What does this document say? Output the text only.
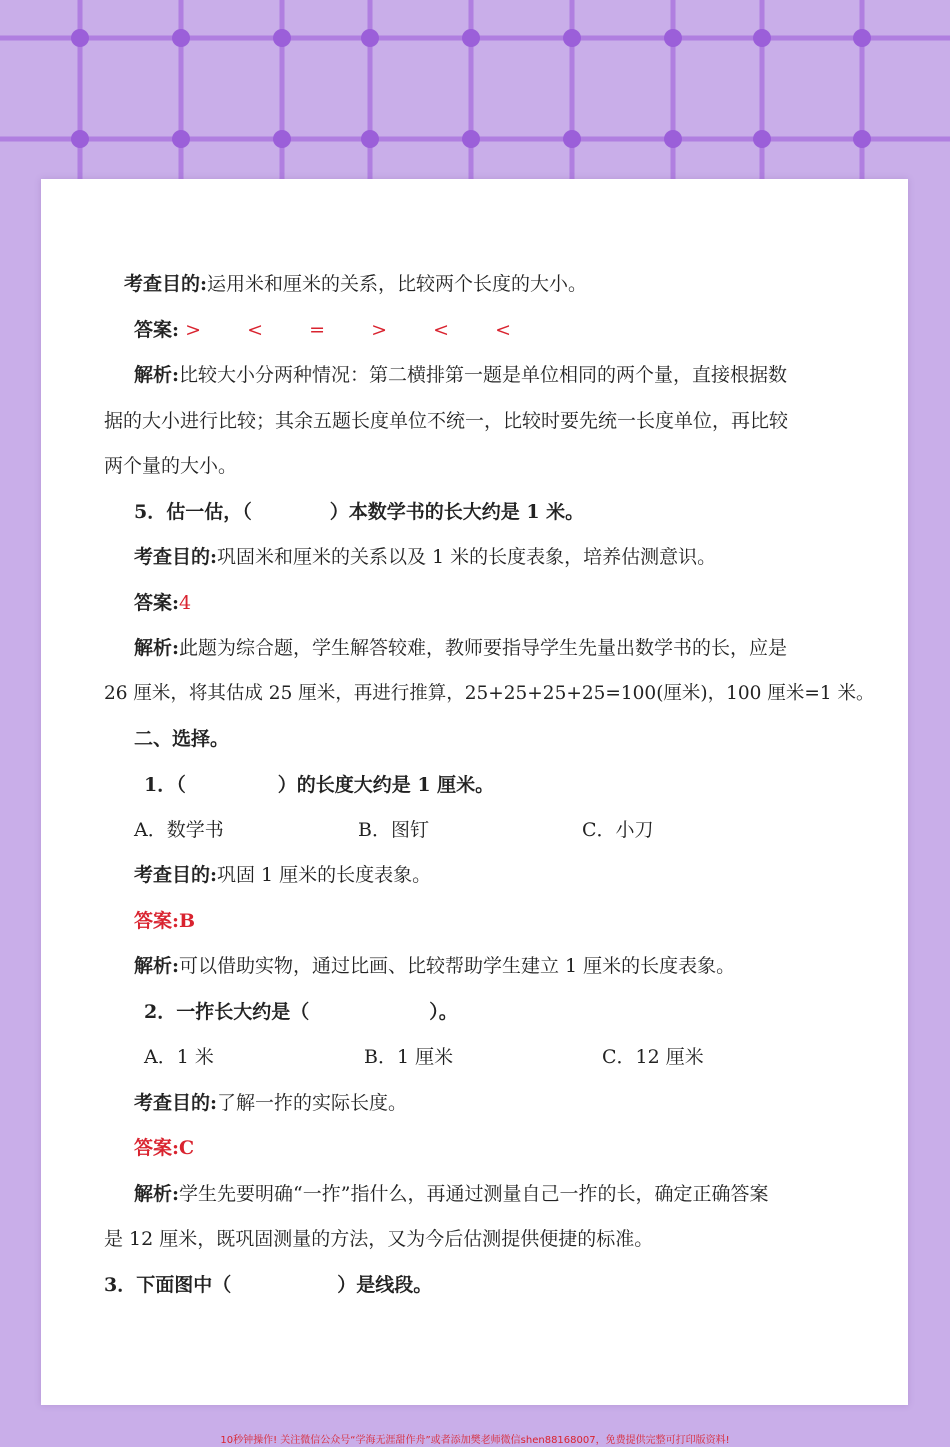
考查目的:运用米和厘米的关系，比较两个长度的大小。
答案: > < = > < <
解析:比较大小分两种情况：第二横排第一题是单位相同的两个量，直接根据数
据的大小进行比较；其余五题长度单位不统一，比较时要先统一长度单位，再比较
两个量的大小。
5．估一估，（	）本数学书的长大约是 1 米。
考查目的:巩固米和厘米的关系以及 1 米的长度表象，培养估测意识。
答案:4
解析:此题为综合题，学生解答较难，教师要指导学生先量出数学书的长，应是
26 厘米，将其估成 25 厘米，再进行推算，25+25+25+25=100(厘米)，100 厘米=1 米。
二、选择。
1．（	）的长度大约是 1 厘米。
A．数学书	B．图钉	C．小刀
考查目的:巩固 1 厘米的长度表象。
答案:B
解析:可以借助实物，通过比画、比较帮助学生建立 1 厘米的长度表象。
2．一拃长大约是（	）。
A．1 米	B．1 厘米	C．12 厘米
考查目的:了解一拃的实际长度。
答案:C
解析:学生先要明确“一拃”指什么，再通过测量自己一拃的长，确定正确答案
是 12 厘米，既巩固测量的方法，又为今后估测提供便捷的标准。
3．下面图中（	）是线段。
10秒钟操作! 关注微信公众号“学海无涯甜作舟”或者添加樊老师微信shen88168007，免费提供完整可打印版资料!
